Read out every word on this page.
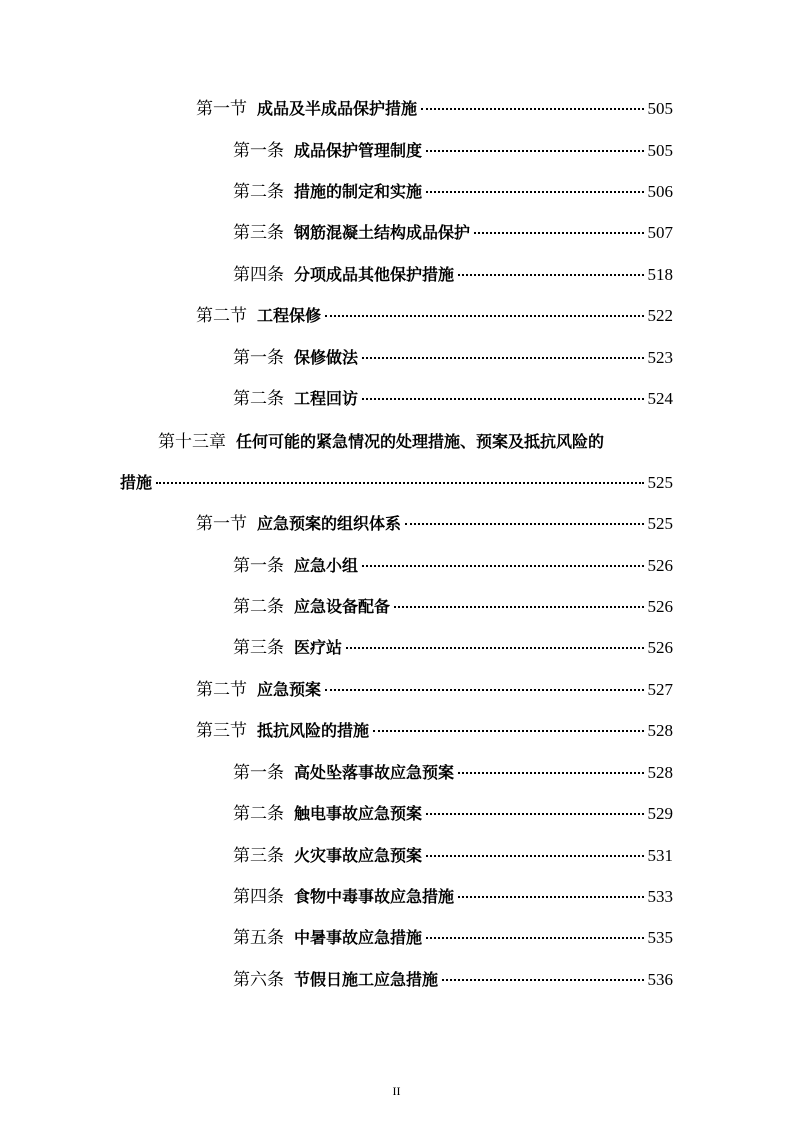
第一节 成品及半成品保护措施	505
第一条 成品保护管理制度	505
第二条 措施的制定和实施	506
第三条 钢筋混凝土结构成品保护	507
第四条 分项成品其他保护措施	518
第二节 工程保修	522
第一条 保修做法	523
第二条 工程回访	524
第十三章 任何可能的紧急情况的处理措施、预案及抵抗风险的
措施	525
第一节 应急预案的组织体系	525
第一条 应急小组	526
第二条 应急设备配备	526
第三条 医疗站	526
第二节 应急预案	527
第三节 抵抗风险的措施	528
第一条 高处坠落事故应急预案	528
第二条 触电事故应急预案	529
第三条 火灾事故应急预案	531
第四条 食物中毒事故应急措施	533
第五条 中暑事故应急措施	535
第六条 节假日施工应急措施	536
II
